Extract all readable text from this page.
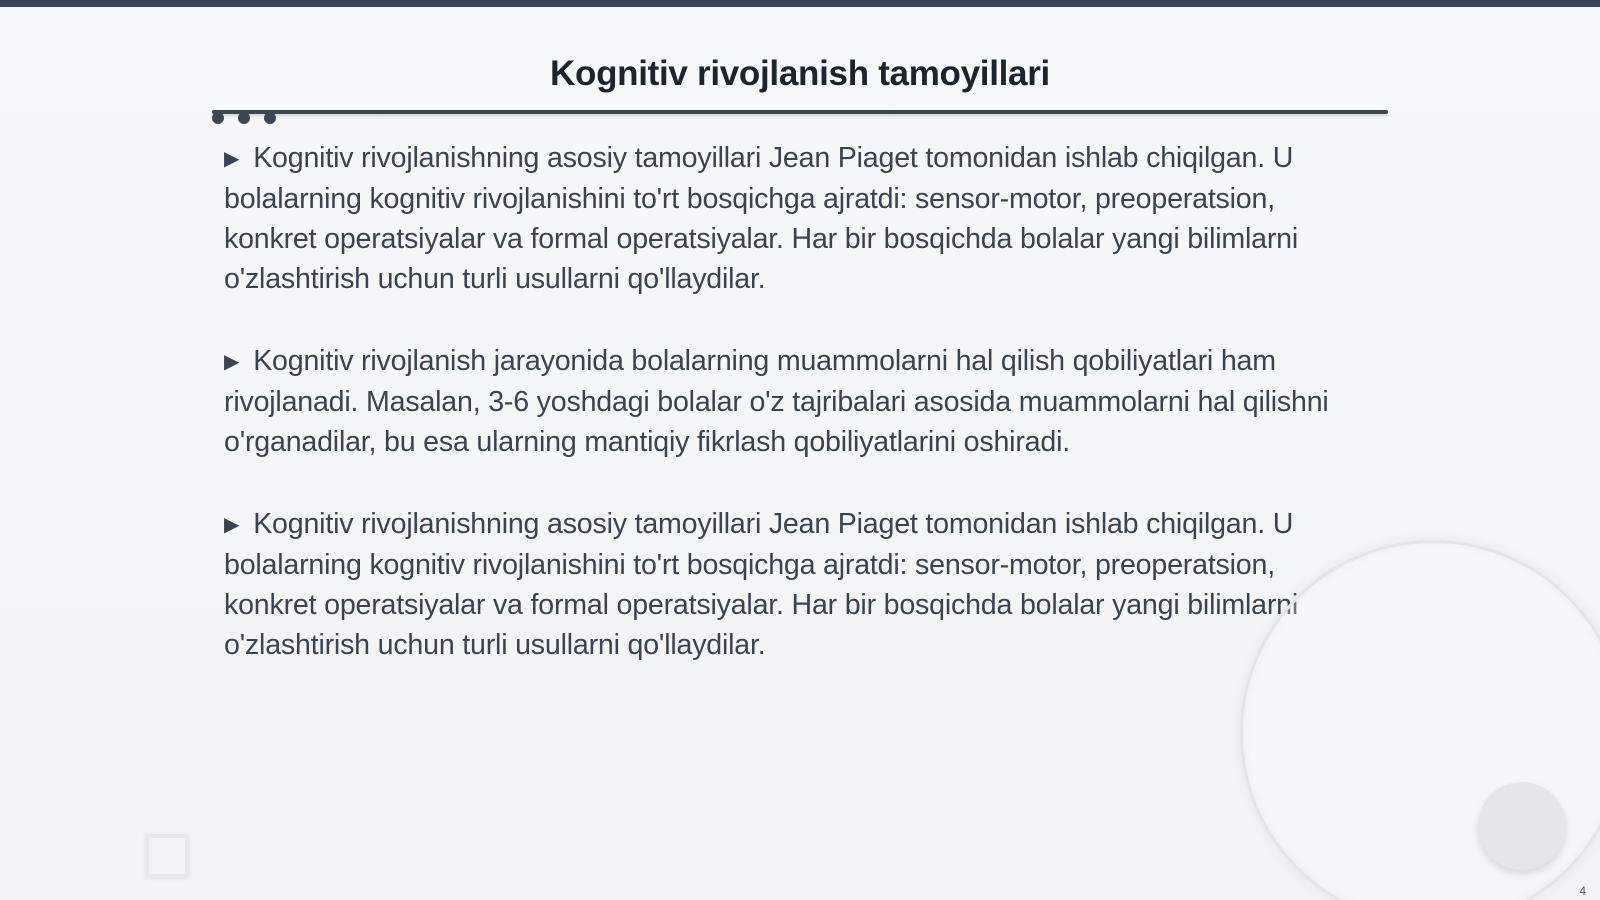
Kognitiv rivojlanish tamoyillari

▶ Kognitiv rivojlanishning asosiy tamoyillari Jean Piaget tomonidan ishlab chiqilgan. U bolalarning kognitiv rivojlanishini to'rt bosqichga ajratdi: sensor-motor, preoperatsion, konkret operatsiyalar va formal operatsiyalar. Har bir bosqichda bolalar yangi bilimlarni o'zlashtirish uchun turli usullarni qo'llaydilar.

▶ Kognitiv rivojlanish jarayonida bolalarning muammolarni hal qilish qobiliyatlari ham rivojlanadi. Masalan, 3-6 yoshdagi bolalar o'z tajribalari asosida muammolarni hal qilishni o'rganadilar, bu esa ularning mantiqiy fikrlash qobiliyatlarini oshiradi.

▶ Kognitiv rivojlanishning asosiy tamoyillari Jean Piaget tomonidan ishlab chiqilgan. U bolalarning kognitiv rivojlanishini to'rt bosqichga ajratdi: sensor-motor, preoperatsion, konkret operatsiyalar va formal operatsiyalar. Har bir bosqichda bolalar yangi bilimlarni o'zlashtirish uchun turli usullarni qo'llaydilar.

4
